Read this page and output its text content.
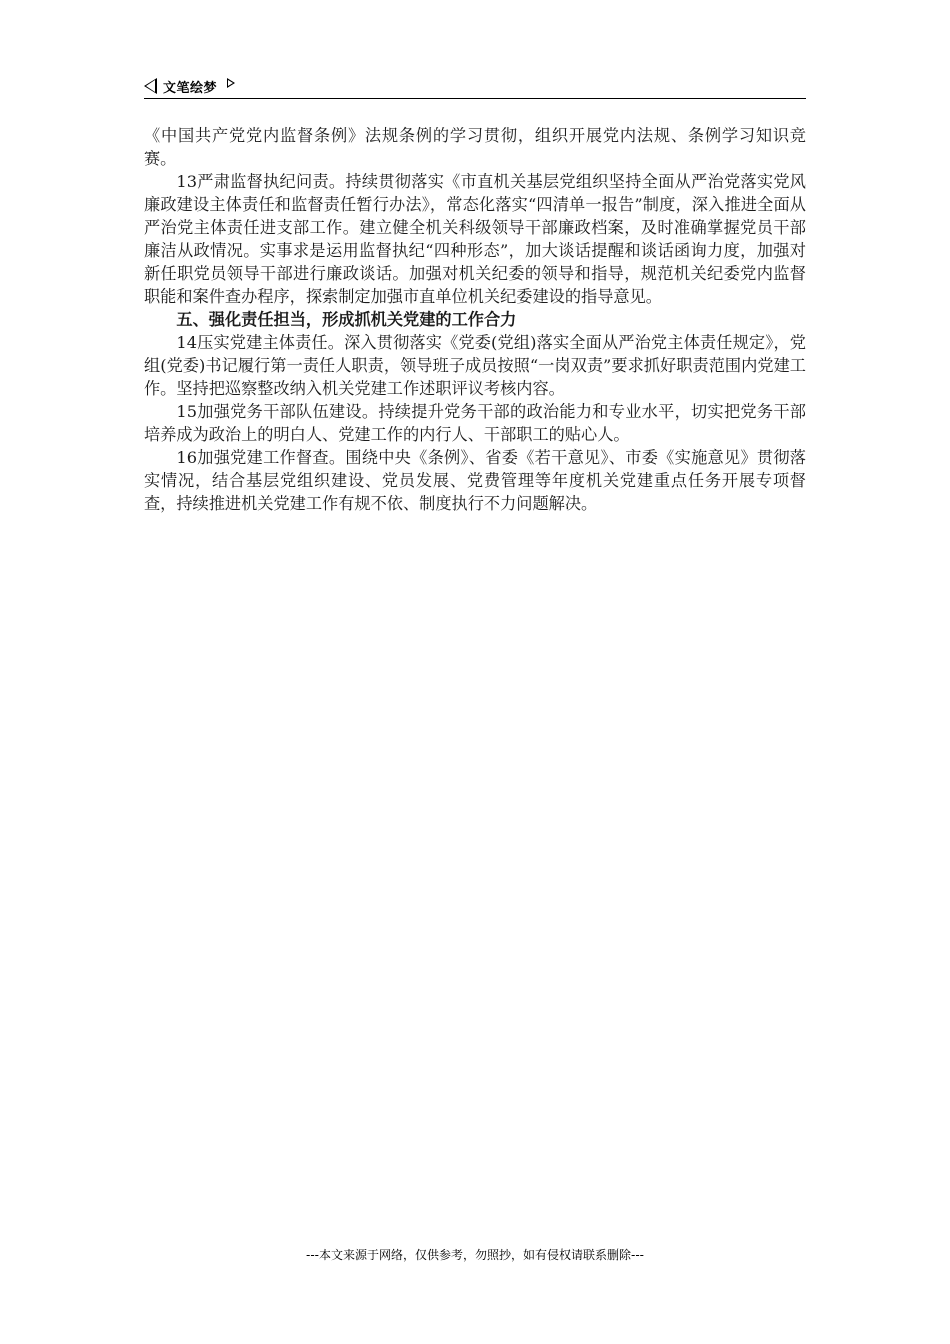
文笔绘梦

《中国共产党党内监督条例》法规条例的学习贯彻，组织开展党内法规、条例学习知识竞赛。

13严肃监督执纪问责。持续贯彻落实《市直机关基层党组织坚持全面从严治党落实党风廉政建设主体责任和监督责任暂行办法》，常态化落实“四清单一报告”制度，深入推进全面从严治党主体责任进支部工作。建立健全机关科级领导干部廉政档案，及时准确掌握党员干部廉洁从政情况。实事求是运用监督执纪“四种形态”，加大谈话提醒和谈话函询力度，加强对新任职党员领导干部进行廉政谈话。加强对机关纪委的领导和指导，规范机关纪委党内监督职能和案件查办程序，探索制定加强市直单位机关纪委建设的指导意见。

五、强化责任担当，形成抓机关党建的工作合力

14压实党建主体责任。深入贯彻落实《党委(党组)落实全面从严治党主体责任规定》，党组(党委)书记履行第一责任人职责，领导班子成员按照“一岗双责”要求抓好职责范围内党建工作。坚持把巡察整改纳入机关党建工作述职评议考核内容。

15加强党务干部队伍建设。持续提升党务干部的政治能力和专业水平，切实把党务干部培养成为政治上的明白人、党建工作的内行人、干部职工的贴心人。

16加强党建工作督查。围绕中央《条例》、省委《若干意见》、市委《实施意见》贯彻落实情况，结合基层党组织建设、党员发展、党费管理等年度机关党建重点任务开展专项督查，持续推进机关党建工作有规不依、制度执行不力问题解决。

---本文来源于网络，仅供参考，勿照抄，如有侵权请联系删除---
